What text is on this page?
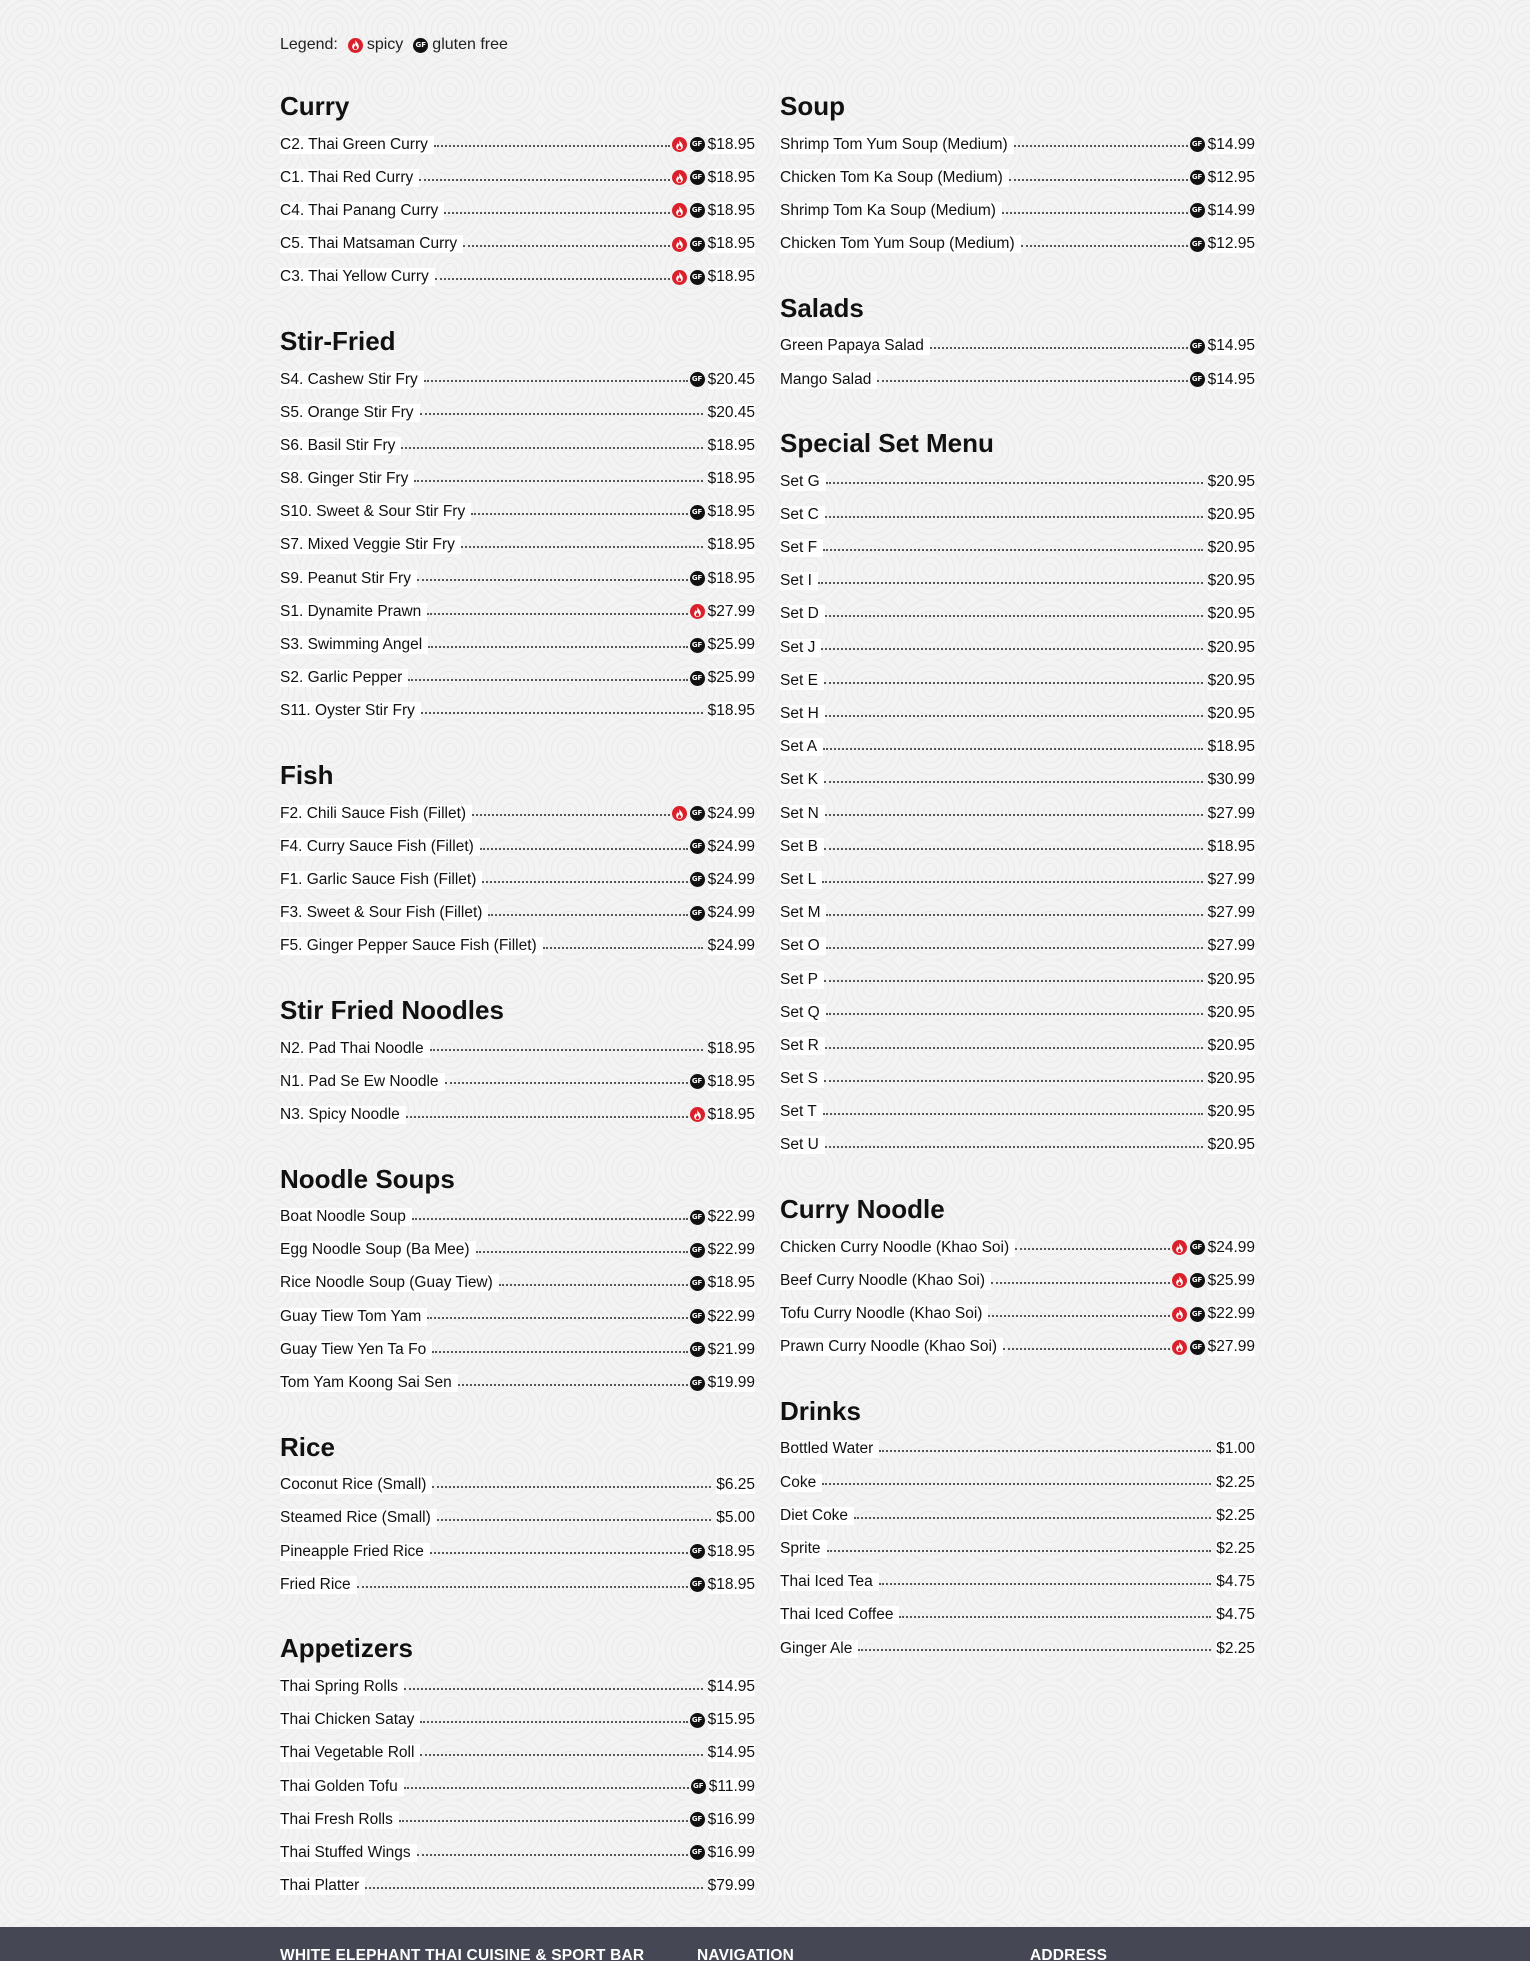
Legend: spicy	GF gluten free
Curry
C2. Thai Green Curry	GF $18.95
C1. Thai Red Curry	GF $18.95
C4. Thai Panang Curry	GF $18.95
C5. Thai Matsaman Curry	GF $18.95
C3. Thai Yellow Curry	GF $18.95
Stir-Fried
S4. Cashew Stir Fry	GF $20.45
S5. Orange Stir Fry	$20.45
S6. Basil Stir Fry	$18.95
S8. Ginger Stir Fry	$18.95
S10. Sweet & Sour Stir Fry	GF $18.95
S7. Mixed Veggie Stir Fry	$18.95
S9. Peanut Stir Fry	GF $18.95
S1. Dynamite Prawn	$27.99
S3. Swimming Angel	GF $25.99
S2. Garlic Pepper	GF $25.99
S11. Oyster Stir Fry	$18.95
Fish
F2. Chili Sauce Fish (Fillet)	GF $24.99
F4. Curry Sauce Fish (Fillet)	GF $24.99
F1. Garlic Sauce Fish (Fillet)	GF $24.99
F3. Sweet & Sour Fish (Fillet)	GF $24.99
F5. Ginger Pepper Sauce Fish (Fillet)	$24.99
Stir Fried Noodles
N2. Pad Thai Noodle	$18.95
N1. Pad Se Ew Noodle	GF $18.95
N3. Spicy Noodle	$18.95
Noodle Soups
Boat Noodle Soup	GF $22.99
Egg Noodle Soup (Ba Mee)	GF $22.99
Rice Noodle Soup (Guay Tiew)	GF $18.95
Guay Tiew Tom Yam	GF $22.99
Guay Tiew Yen Ta Fo	GF $21.99
Tom Yam Koong Sai Sen	GF $19.99
Rice
Coconut Rice (Small)	$6.25
Steamed Rice (Small)	$5.00
Pineapple Fried Rice	GF $18.95
Fried Rice	GF $18.95
Appetizers
Thai Spring Rolls	$14.95
Thai Chicken Satay	GF $15.95
Thai Vegetable Roll	$14.95
Thai Golden Tofu	GF $11.99
Thai Fresh Rolls	GF $16.99
Thai Stuffed Wings	GF $16.99
Thai Platter	$79.99
Soup
Shrimp Tom Yum Soup (Medium)	GF $14.99
Chicken Tom Ka Soup (Medium)	GF $12.95
Shrimp Tom Ka Soup (Medium)	GF $14.99
Chicken Tom Yum Soup (Medium)	GF $12.95
Salads
Green Papaya Salad	GF $14.95
Mango Salad	GF $14.95
Special Set Menu
Set G	$20.95
Set C	$20.95
Set F	$20.95
Set I	$20.95
Set D	$20.95
Set J	$20.95
Set E	$20.95
Set H	$20.95
Set A	$18.95
Set K	$30.99
Set N	$27.99
Set B	$18.95
Set L	$27.99
Set M	$27.99
Set O	$27.99
Set P	$20.95
Set Q	$20.95
Set R	$20.95
Set S	$20.95
Set T	$20.95
Set U	$20.95
Curry Noodle
Chicken Curry Noodle (Khao Soi)	GF $24.99
Beef Curry Noodle (Khao Soi)	GF $25.99
Tofu Curry Noodle (Khao Soi)	GF $22.99
Prawn Curry Noodle (Khao Soi)	GF $27.99
Drinks
Bottled Water	$1.00
Coke	$2.25
Diet Coke	$2.25
Sprite	$2.25
Thai Iced Tea	$4.75
Thai Iced Coffee	$4.75
Ginger Ale	$2.25
WHITE ELEPHANT THAI CUISINE & SPORT BAR	NAVIGATION	ADDRESS
